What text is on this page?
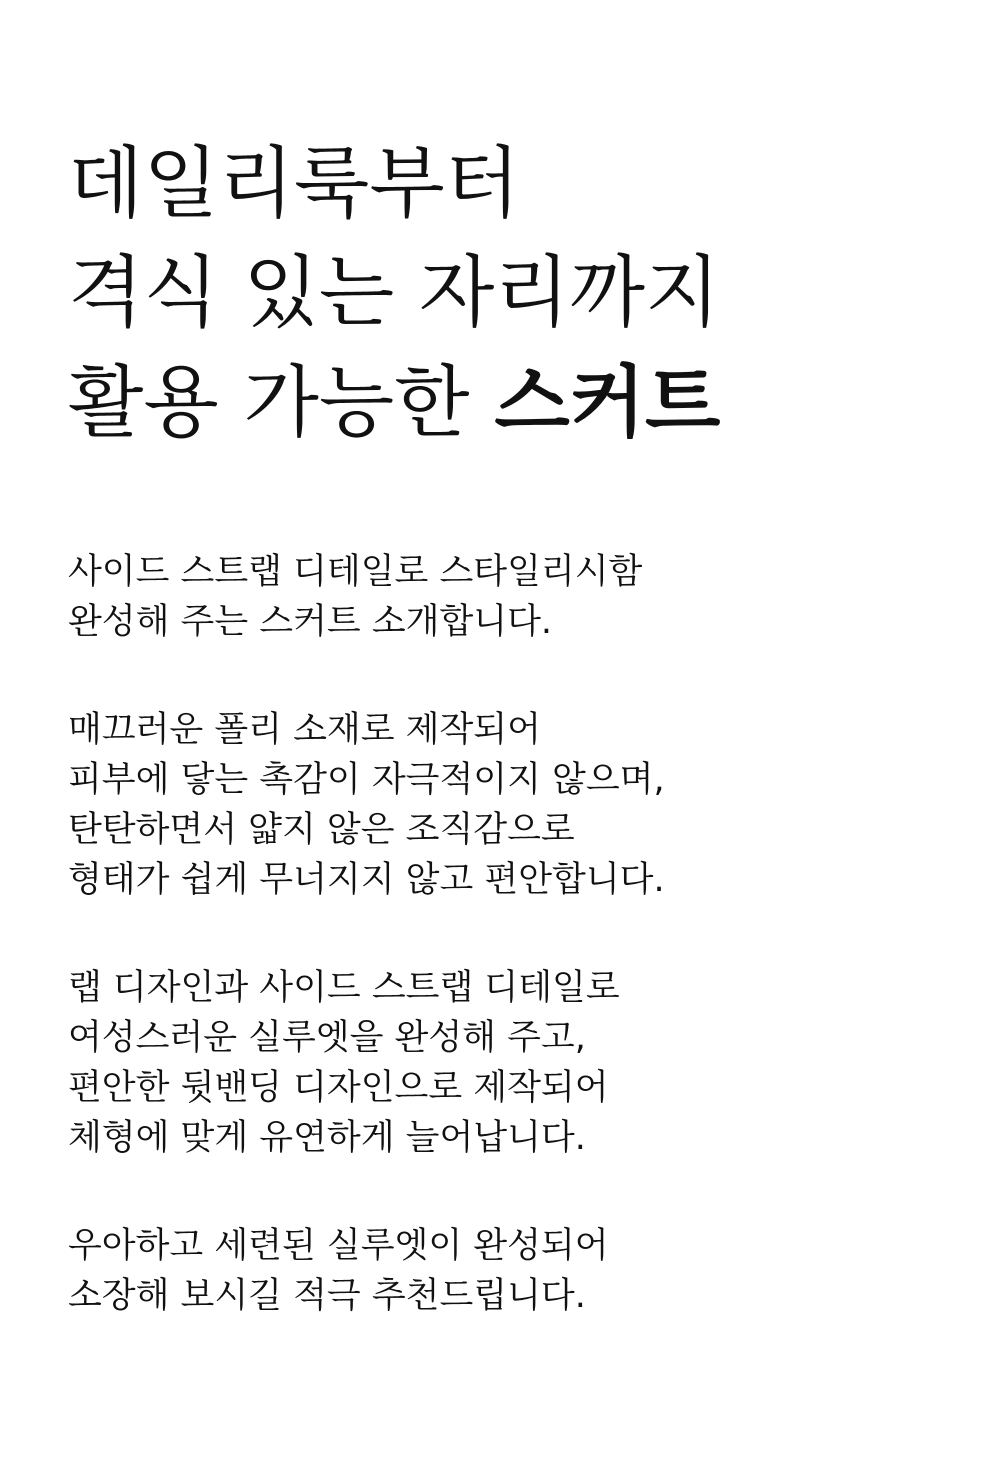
데일리룩부터
격식 있는 자리까지
활용 가능한 스커트

사이드 스트랩 디테일로 스타일리시함
완성해 주는 스커트 소개합니다.

매끄러운 폴리 소재로 제작되어
피부에 닿는 촉감이 자극적이지 않으며,
탄탄하면서 얇지 않은 조직감으로
형태가 쉽게 무너지지 않고 편안합니다.

랩 디자인과 사이드 스트랩 디테일로
여성스러운 실루엣을 완성해 주고,
편안한 뒷밴딩 디자인으로 제작되어
체형에 맞게 유연하게 늘어납니다.

우아하고 세련된 실루엣이 완성되어
소장해 보시길 적극 추천드립니다.
